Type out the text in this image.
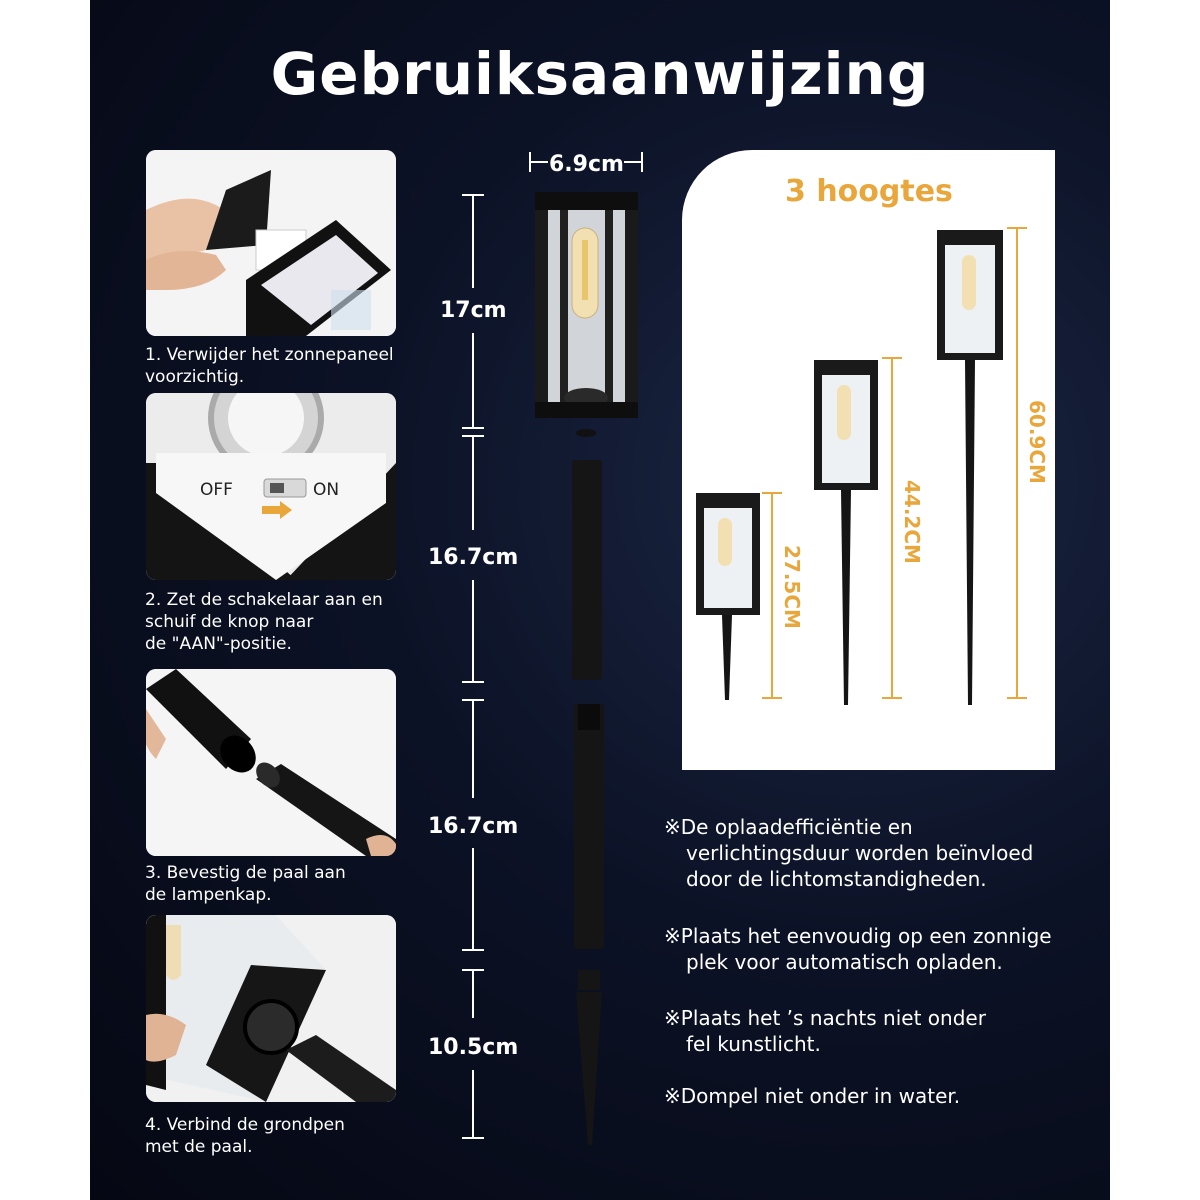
Gebruiksaanwijzing
1. Verwijder het zonnepaneel
voorzichtig.
OFF	ON
2. Zet de schakelaar aan en
schuif de knop naar
de "AAN"-positie.
3. Bevestig de paal aan
de lampenkap.
4. Verbind de grondpen
met de paal.
6.9cm
17cm
16.7cm
16.7cm
10.5cm
3 hoogtes
27.5CM
44.2CM
60.9CM
※De oplaadefficiëntie en
verlichtingsduur worden beïnvloed
door de lichtomstandigheden.
※Plaats het eenvoudig op een zonnige
plek voor automatisch opladen.
※Plaats het ’s nachts niet onder
fel kunstlicht.
※Dompel niet onder in water.
